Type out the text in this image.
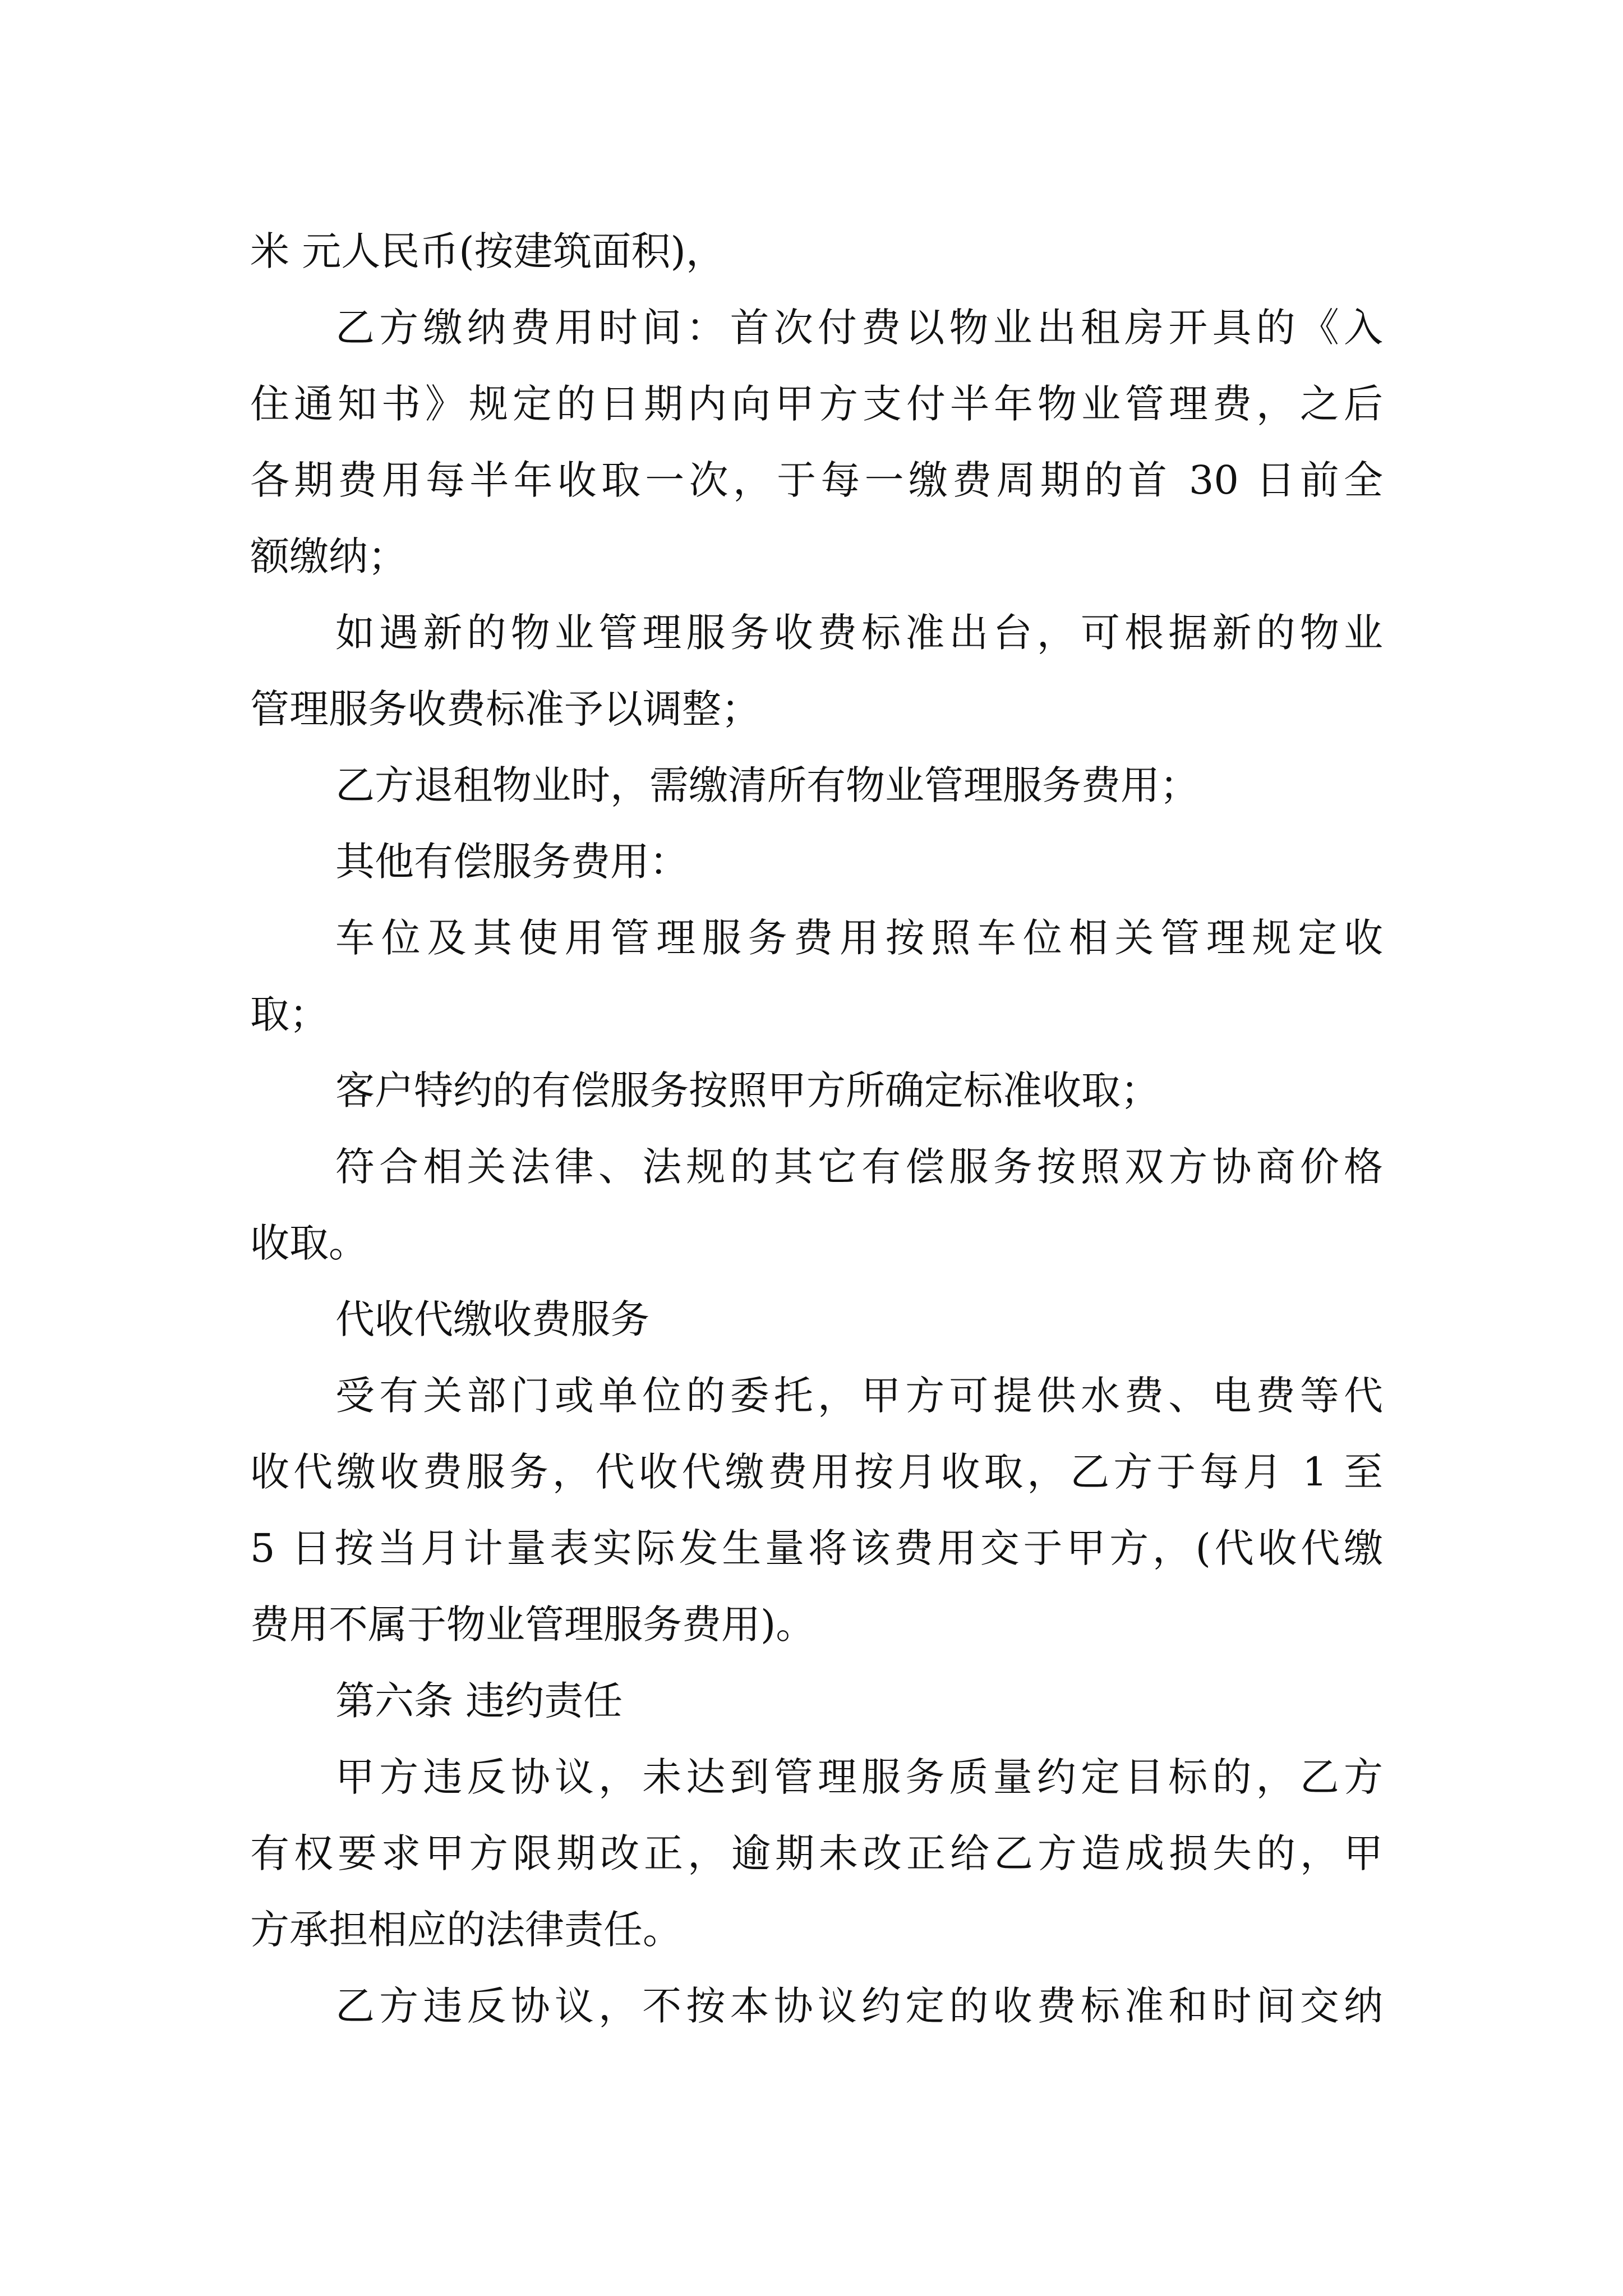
米 元人民币(按建筑面积)，
乙方缴纳费用时间：首次付费以物业出租房开具的《入
住通知书》规定的日期内向甲方支付半年物业管理费，之后
各期费用每半年收取一次，于每一缴费周期的首 30 日前全
额缴纳；
如遇新的物业管理服务收费标准出台，可根据新的物业
管理服务收费标准予以调整；
乙方退租物业时，需缴清所有物业管理服务费用；
其他有偿服务费用：
车位及其使用管理服务费用按照车位相关管理规定收
取；
客户特约的有偿服务按照甲方所确定标准收取；
符合相关法律、法规的其它有偿服务按照双方协商价格
收取。
代收代缴收费服务
受有关部门或单位的委托，甲方可提供水费、电费等代
收代缴收费服务，代收代缴费用按月收取，乙方于每月 1 至
5 日按当月计量表实际发生量将该费用交于甲方，(代收代缴
费用不属于物业管理服务费用)。
第六条 违约责任
甲方违反协议，未达到管理服务质量约定目标的，乙方
有权要求甲方限期改正，逾期未改正给乙方造成损失的，甲
方承担相应的法律责任。
乙方违反协议，不按本协议约定的收费标准和时间交纳
